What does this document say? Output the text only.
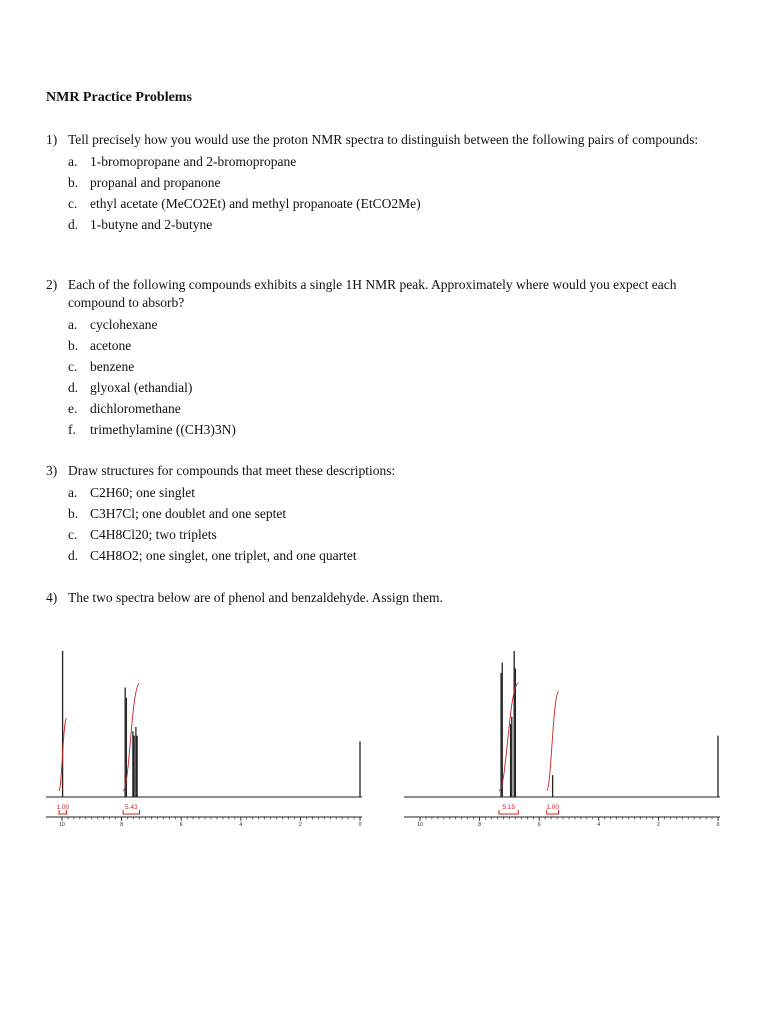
NMR Practice Problems
1) Tell precisely how you would use the proton NMR spectra to distinguish between the following pairs of compounds:
a. 1-bromopropane and 2-bromopropane
b. propanal and propanone
c. ethyl acetate (MeCO2Et) and methyl propanoate (EtCO2Me)
d. 1-butyne and 2-butyne
2) Each of the following compounds exhibits a single 1H NMR peak. Approximately where would you expect each compound to absorb?
a. cyclohexane
b. acetone
c. benzene
d. glyoxal (ethandial)
e. dichloromethane
f. trimethylamine ((CH3)3N)
3) Draw structures for compounds that meet these descriptions:
a. C2H60; one singlet
b. C3H7Cl; one doublet and one septet
c. C4H8Cl20; two triplets
d. C4H8O2; one singlet, one triplet, and one quartet
4) The two spectra below are of phenol and benzaldehyde. Assign them.
1.00	5.43
10	8	6	4	2	0
5.15	1.00
10	8	6	4	2	0
